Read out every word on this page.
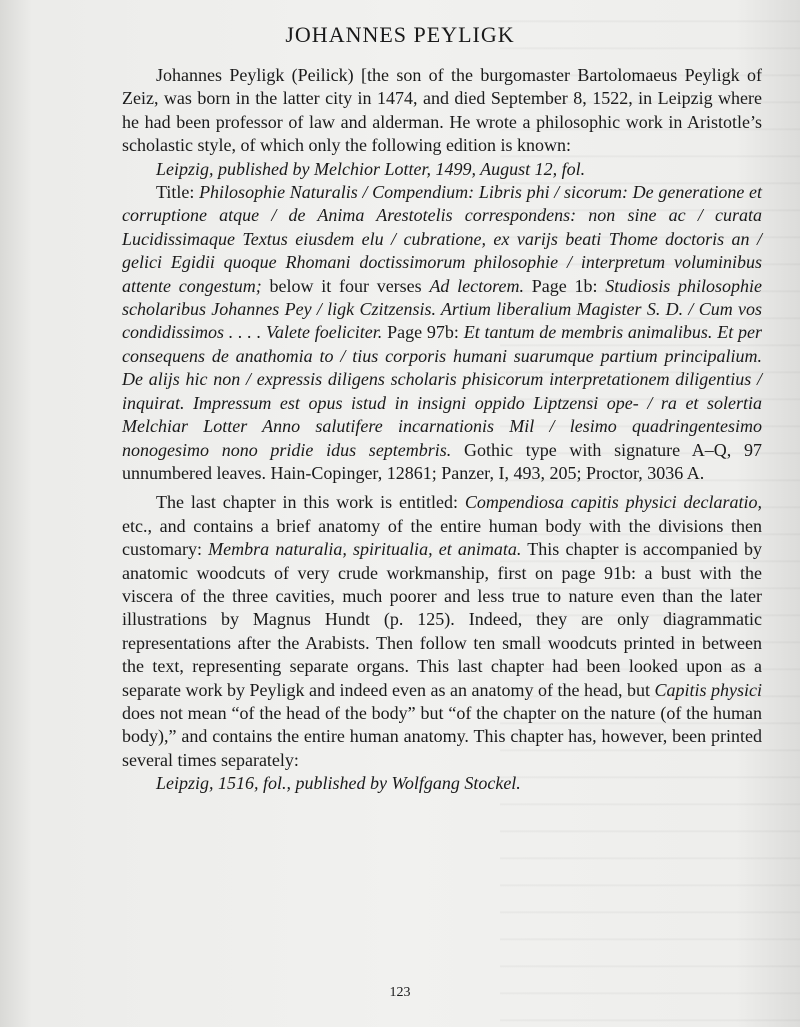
JOHANNES PEYLIGK

Johannes Peyligk (Peilick) [the son of the burgomaster Bartolomaeus Peyligk of Zeiz, was born in the latter city in 1474, and died September 8, 1522, in Leipzig where he had been professor of law and alderman. He wrote a philosophic work in Aristotle’s scholastic style, of which only the following edition is known:

Leipzig, published by Melchior Lotter, 1499, August 12, fol.

Title: Philosophie Naturalis / Compendium: Libris phi / sicorum: De generatione et corruptione atque / de Anima Arestotelis correspondens: non sine ac / curata Lucidissimaque Textus eiusdem elu / cubratione, ex varijs beati Thome doctoris an / gelici Egidii quoque Rhomani doctissimorum philosophie / interpretum voluminibus attente congestum; below it four verses Ad lectorem. Page 1b: Studiosis philosophie scholaribus Johannes Pey / ligk Czitzensis. Artium liberalium Magister S. D. / Cum vos condidissimos . . . . Valete foeliciter. Page 97b: Et tantum de membris animalibus. Et per consequens de anathomia to / tius corporis humani suarumque partium principalium. De alijs hic non / expressis diligens scholaris phisicorum interpretationem diligentius / inquirat. Impressum est opus istud in insigni oppido Liptzensi ope- / ra et solertia Melchiar Lotter Anno salutifere incarnationis Mil / lesimo quadringentesimo nonogesimo nono pridie idus septembris. Gothic type with signature A–Q, 97 unnumbered leaves. Hain-Copinger, 12861; Panzer, I, 493, 205; Proctor, 3036 A.

The last chapter in this work is entitled: Compendiosa capitis physici declaratio, etc., and contains a brief anatomy of the entire human body with the divisions then customary: Membra naturalia, spiritualia, et animata. This chapter is accompanied by anatomic woodcuts of very crude workmanship, first on page 91b: a bust with the viscera of the three cavities, much poorer and less true to nature even than the later illustrations by Magnus Hundt (p. 125). Indeed, they are only diagrammatic representations after the Arabists. Then follow ten small woodcuts printed in between the text, representing separate organs. This last chapter had been looked upon as a separate work by Peyligk and indeed even as an anatomy of the head, but Capitis physici does not mean “of the head of the body” but “of the chapter on the nature (of the human body),” and contains the entire human anatomy. This chapter has, however, been printed several times separately:

Leipzig, 1516, fol., published by Wolfgang Stockel.

123
